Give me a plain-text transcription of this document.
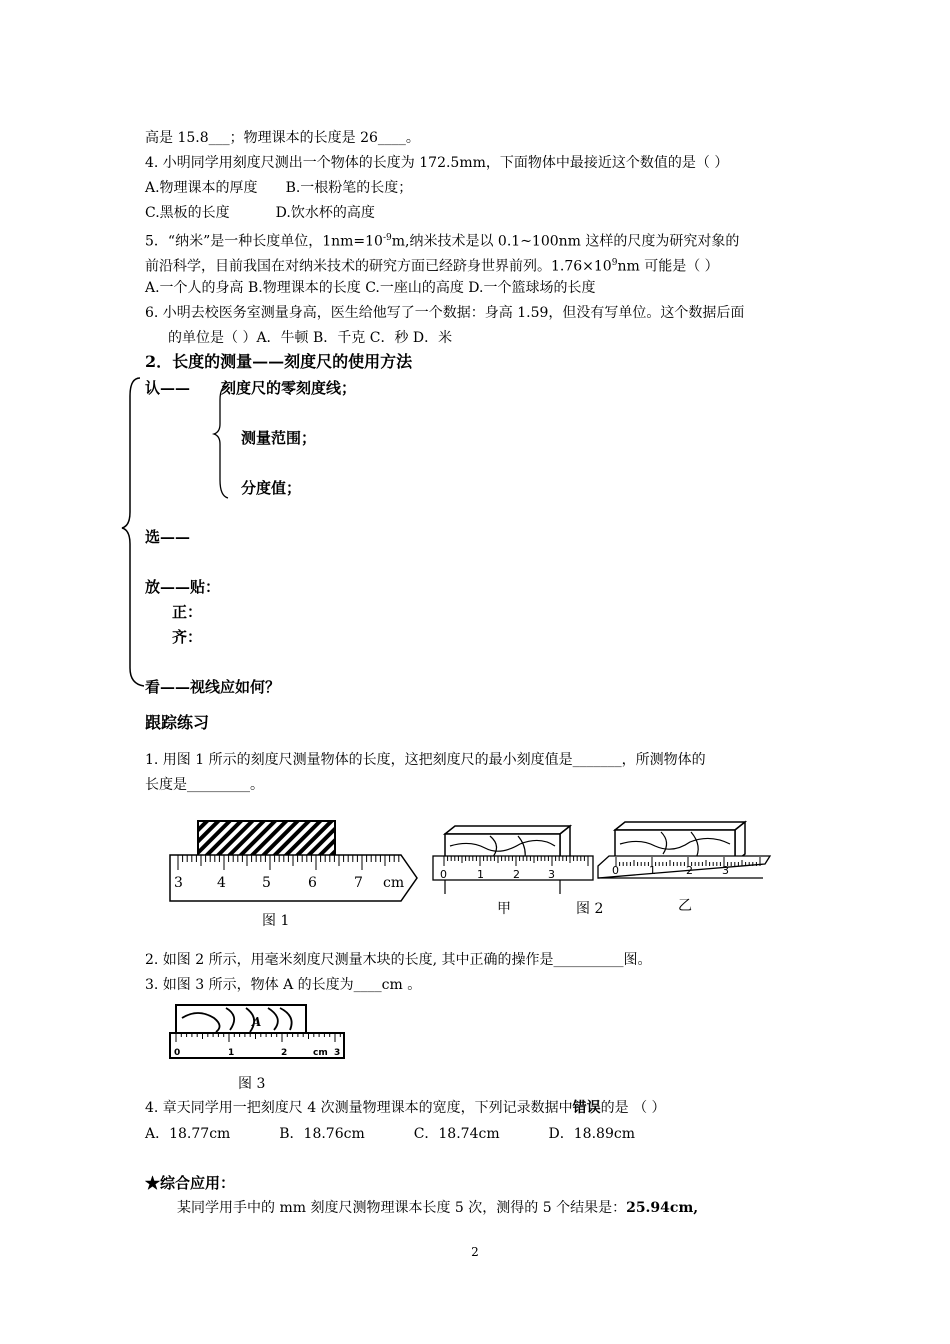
高是 15.8___；物理课本的长度是 26____。
4. 小明同学用刻度尺测出一个物体的长度为 172.5mm，下面物体中最接近这个数值的是（ ）
A.物理课本的厚度 B.一根粉笔的长度；
C.黑板的长度	D.饮水杯的高度
5．“纳米”是一种长度单位，$1nm=10^{-9}m$,纳米技术是以 0.1~100nm 这样的尺度为研究对象的
前沿科学，目前我国在对纳米技术的研究方面已经跻身世界前列。$1.76\times 10^9nm$ 可能是（ ）
A.一个人的身高 B.物理课本的长度 C.一座山的高度 D.一个篮球场的长度
6. 小明去校医务室测量身高，医生给他写了一个数据：身高 1.59，但没有写单位。这个数据后面
的单位是（ ）A．牛顿 B．千克 C．秒 D．米
2．长度的测量——刻度尺的使用方法
认—— 刻度尺的零刻度线；
测量范围；
分度值；
选——
放——贴：
正：
齐：
看——视线应如何？
跟踪练习
1. 用图 1 所示的刻度尺测量物体的长度，这把刻度尺的最小刻度值是_______，所测物体的
长度是_________。
3 4	5	6	7 cm
图 1
0	1	2	3
甲	图 2
0	1	2	3
乙
2. 如图 2 所示，用毫米刻度尺测量木块的长度, 其中正确的操作是__________图。
3. 如图 3 所示，物体 A 的长度为____cm 。
A
0	1	2	cm 3
图 3
4. 章天同学用一把刻度尺 4 次测量物理课本的宽度，下列记录数据中错误的是 （ ）
A．18.77cm           B．18.76cm           C．18.74cm           D．18.89cm
★综合应用：
某同学用手中的 mm 刻度尺测物理课本长度 5 次，测得的 5 个结果是：25.94cm,
2
